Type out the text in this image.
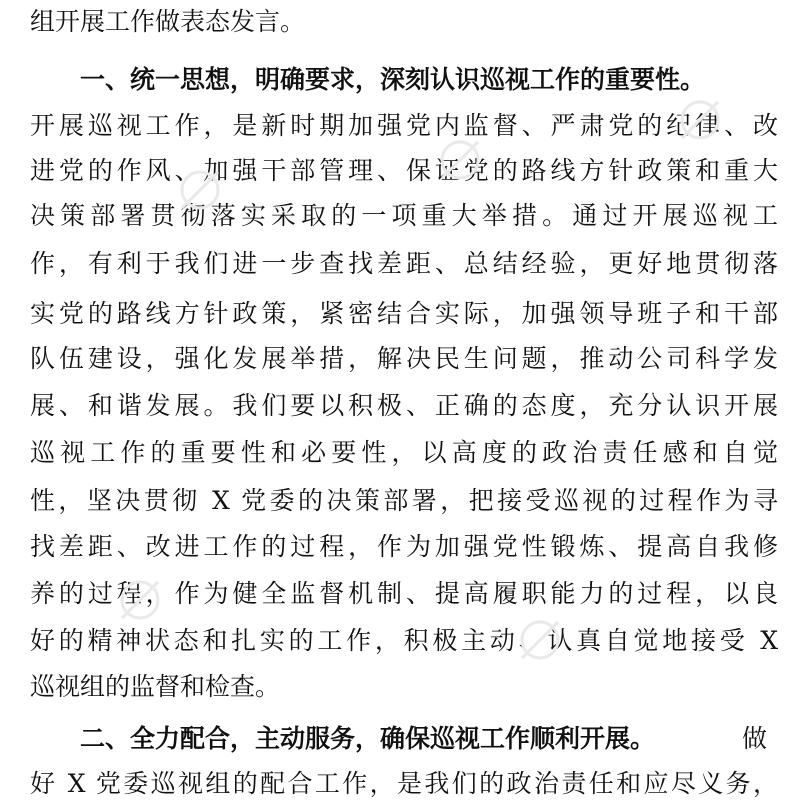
组开展工作做表态发言。
一、统一思想，明确要求，深刻认识巡视工作的重要性。
开展巡视工作，是新时期加强党内监督、严肃党的纪律、改
进党的作风、加强干部管理、保证党的路线方针政策和重大
决策部署贯彻落实采取的一项重大举措。通过开展巡视工
作，有利于我们进一步查找差距、总结经验，更好地贯彻落
实党的路线方针政策，紧密结合实际，加强领导班子和干部
队伍建设，强化发展举措，解决民生问题，推动公司科学发
展、和谐发展。我们要以积极、正确的态度，充分认识开展
巡视工作的重要性和必要性，以高度的政治责任感和自觉
性，坚决贯彻 X 党委的决策部署，把接受巡视的过程作为寻
找差距、改进工作的过程，作为加强党性锻炼、提高自我修
养的过程，作为健全监督机制、提高履职能力的过程，以良
好的精神状态和扎实的工作，积极主动、认真自觉地接受 X
巡视组的监督和检查。
二、全力配合，主动服务，确保巡视工作顺利开展。	做
好 X 党委巡视组的配合工作，是我们的政治责任和应尽义务，
